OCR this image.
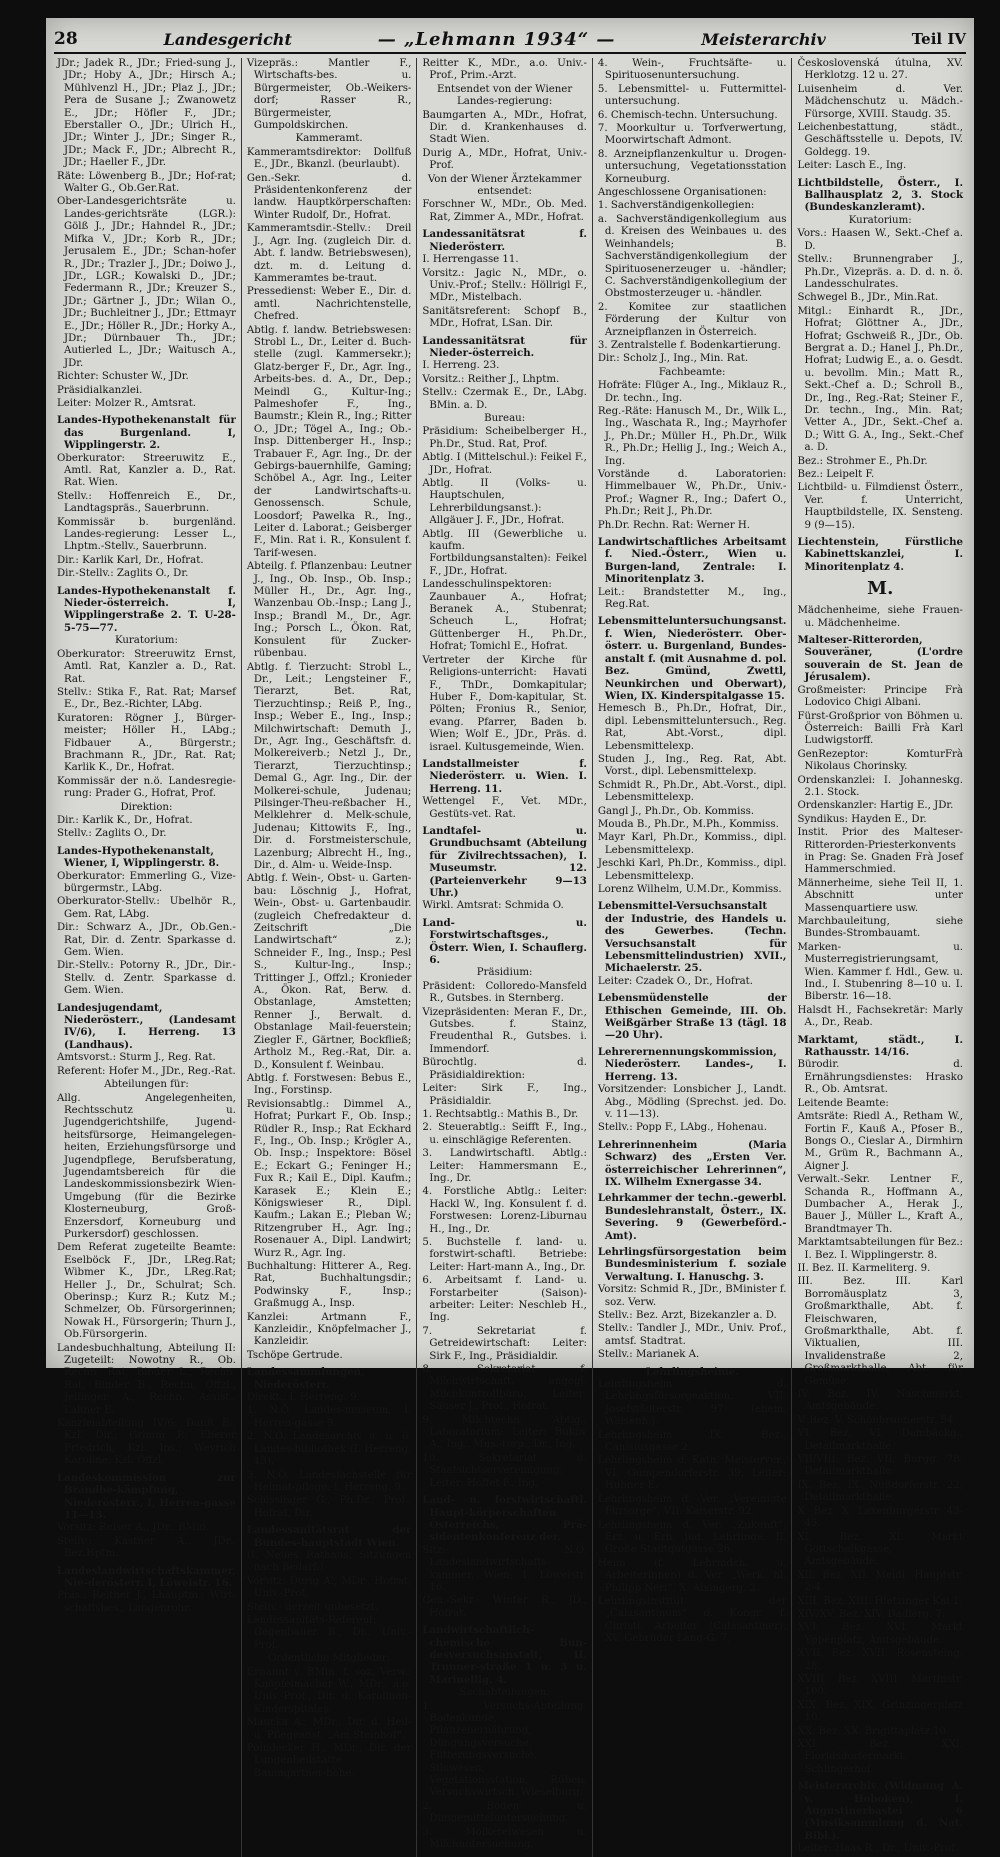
28	Landesgericht	— „Lehmann 1934“ —	Meisterarchiv	Teil IV

JDr.; Jadek R., JDr.; Fried-sung J., JDr.; Hoby A., JDr.; Hirsch A.; Mühlvenzl H., JDr.; Plaz J., JDr.; Pera de Susane J.; Zwanowetz E., JDr.; Höfler F., JDr.; Eberstaller O., JDr.; Ulrich H., JDr.; Winter J., JDr.; Singer R., JDr.; Mack F., JDr.; Albrecht R., JDr.; Haeller F., JDr.

Räte: Löwenberg B., JDr.; Hof-rat; Walter G., Ob.Ger.Rat.

Ober-Landesgerichtsräte u. Landes-gerichtsräte (LGR.): Gölß J., JDr.; Hahndel R., JDr.; Mifka V., JDr.; Korb R., JDr.; Jerusalem E., JDr.; Schan-hofer R., JDr.; Trazler J., JDr.; Doiwo J., JDr., LGR.; Kowalski D., JDr.; Federmann R., JDr.; Kreuzer S., JDr.; Gärtner J., JDr.; Wilan O., JDr.; Buchleitner J., JDr.; Ettmayr E., JDr.; Höller R., JDr.; Horky A., JDr.; Dürnbauer Th., JDr.; Autierled L., JDr.; Waitusch A., JDr.

Richter: Schuster W., JDr.

Präsidialkanzlei.

Leiter: Molzer R., Amtsrat.

Landes-Hypothekenanstalt für das Burgenland. I, Wipplingerstr. 2.

Oberkurator: Streeruwitz E., Amtl. Rat, Kanzler a. D., Rat. Rat. Wien.

Stellv.: Hoffenreich E., Dr., Landtagspräs., Sauerbrunn.

Kommissär b. burgenländ. Landes-regierung: Lesser L., Lhptm.-Stellv., Sauerbrunn.

Dir.: Karlik Karl, Dr., Hofrat.

Dir.-Stellv.: Zaglits O., Dr.

Landes-Hypothekenanstalt f. Nieder-österreich. I, Wipplingerstraße 2. T. U-28-5-75—77.

Kuratorium:

Oberkurator: Streeruwitz Ernst, Amtl. Rat, Kanzler a. D., Rat. Rat.

Stellv.: Stika F., Rat. Rat; Marsef E., Dr., Bez.-Richter, LAbg.

Kuratoren: Rögner J., Bürger-meister; Höller H., LAbg.; Fidbauer A., Bürgerstr.; Brachmann R., JDr., Rat. Rat; Karlik K., Dr., Hofrat.

Kommissär der n.ö. Landesregie-rung: Prader G., Hofrat, Prof.

Direktion:

Dir.: Karlik K., Dr., Hofrat.

Stellv.: Zaglits O., Dr.

Landes-Hypothekenanstalt, Wiener, I, Wipplingerstr. 8.

Oberkurator: Emmerling G., Vize-bürgermstr., LAbg.

Oberkurator-Stellv.: Ubelhör R., Gem. Rat, LAbg.

Dir.: Schwarz A., JDr., Ob.Gen.-Rat, Dir. d. Zentr. Sparkasse d. Gem. Wien.

Dir.-Stellv.: Potorny R., JDr., Dir.-Stellv. d. Zentr. Sparkasse d. Gem. Wien.

Landesjugendamt, Niederösterr., (Landesamt IV/6), I. Herreng. 13 (Landhaus).

Amtsvorst.: Sturm J., Reg. Rat.

Referent: Hofer M., JDr., Reg.-Rat.

Abteilungen für:

Allg. Angelegenheiten, Rechtsschutz u. Jugendgerichtshilfe, Jugend-heitsfürsorge, Heimangelegen-heiten, Erziehungsfürsorge und Jugendpflege, Berufsberatung, Jugendamtsbereich für die Landeskommissionsbezirk Wien-Umgebung (für die Bezirke Klosterneuburg, Groß-Enzersdorf, Korneuburg und Purkersdorf) geschlossen.

Dem Referat zugeteilte Beamte: Eselböck F., JDr., LReg.Rat; Wibmer K., JDr., LReg.Rat; Heller J., Dr., Schulrat; Sch. Oberinsp.; Kurz R.; Kutz M.; Schmelzer, Ob. Fürsorgerinnen; Nowak H., Fürsorgerin; Thurn J., Ob.Fürsorgerin.

Landesbuchhaltung, Abteilung II: Zugeteilt: Nowotny R., Ob. Rechn. Rat, Binder L., Rechn. Rat, Binder B., Rechn. Offzl., Jellinger A., Rechn. Assist., Lahner E.

Kanzleiabteilung IV/6: Dauß E., Kzl. Dir.; Grimm P., Eberer Friedrich, Kzl. Ins.; Weyrich Karoline, Kzl. Offzl.

Landeskommission zur Brandbe-kämpfung, Niederösterr., I, Herren-gasse 11—13.

Vorsitz: Reiser A., JDr., BMin.

Stellv.: Kastner A., JDr., Bez.Hptm.

Landeslandwirtschaftskammer, Nie-derösterr. I, Löwelstr. 16.

Präs.: Reither J., Lhauptm., Wirt-schaftsbes., Langenrohr.

Vizepräs.: Mantler F., Wirtschafts-bes. u. Bürgermeister, Ob.-Weikers-dorf; Rasser R., Bürgermeister, Gumpoldskirchen.

Kammeramt.

Kammeramtsdirektor: Dollfuß E., JDr., Bkanzl. (beurlaubt).

Gen.-Sekr. d. Präsidentenkonferenz der landw. Hauptkörperschaften: Winter Rudolf, Dr., Hofrat.

Kammeramtsdir.-Stellv.: Dreil J., Agr. Ing. (zugleich Dir. d. Abt. f. landw. Betriebswesen), dzt. m. d. Leitung d. Kammeramtes be-traut.

Pressedienst: Weber E., Dir. d. amtl. Nachrichtenstelle, Chefred.

Abtlg. f. landw. Betriebswesen: Strobl L., Dr., Leiter d. Buch-stelle (zugl. Kammersekr.); Glatz-berger F., Dr., Agr. Ing., Arbeits-bes. d. A., Dr., Dep.; Meindl G., Kultur-Ing.; Palmeshofer F., Ing., Baumstr.; Klein R., Ing.; Ritter O., JDr.; Tögel A., Ing.; Ob.-Insp. Dittenberger H., Insp.; Trabauer F., Agr. Ing., Dr. der Gebirgs-bauernhilfe, Gaming; Schöbel A., Agr. Ing., Leiter der Landwirtschafts-u. Genossensch. Schule, Loosdorf; Pawelka R., Ing., Leiter d. Laborat.; Geisberger F., Min. Rat i. R., Konsulent f. Tarif-wesen.

Abteilg. f. Pflanzenbau: Leutner J., Ing., Ob. Insp., Ob. Insp.; Müller H., Dr., Agr. Ing., Wanzenbau Ob.-Insp.; Lang J., Insp.; Brandl M., Dr., Agr. Ing.; Porsch L., Ökon. Rat, Konsulent für Zucker-rübenbau.

Abtlg. f. Tierzucht: Strobl L., Dr., Leit.; Lengsteiner F., Tierarzt, Bet. Rat, Tierzuchtinsp.; Reiß P., Ing., Insp.; Weber E., Ing., Insp.; Milchwirtschaft: Demuth J., Dr., Agr. Ing., Geschäftsfr. d. Molkereiverb.; Netzl J., Dr., Tierarzt, Tierzuchtinsp.; Demal G., Agr. Ing., Dir. der Molkerei-schule, Judenau; Pilsinger-Theu-reßbacher H., Melklehrer d. Melk-schule, Judenau; Kittowits F., Ing., Dir. d. Forstmeisterschule, Lazenburg; Albrecht H., Ing., Dir., d. Alm- u. Weide-Insp.

Abtlg. f. Wein-, Obst- u. Garten-bau: Löschnig J., Hofrat, Wein-, Obst- u. Gartenbaudir. (zugleich Chefredakteur d. Zeitschrift „Die Landwirtschaft“ z.); Schneider F., Ing., Insp.; Pesl S., Kultur-Ing., Insp.; Trittinger J., Offzl.; Kronieder A., Ökon. Rat, Berw. d. Obstanlage, Amstetten; Renner J., Berwalt. d. Obstanlage Mail-feuerstein; Ziegler F., Gärtner, Bockfließ; Artholz M., Reg.-Rat, Dir. a. D., Konsulent f. Weinbau.

Abtlg. f. Forstwesen: Bebus E., Ing., Forstinsp.

Revisionsabtlg.: Dimmel A., Hofrat; Purkart F., Ob. Insp.; Rüdler R., Insp.; Rat Eckhard F., Ing., Ob. Insp.; Krögler A., Ob. Insp.; Inspektore: Bösel E.; Eckart G.; Feninger H.; Fux R.; Kail E., Dipl. Kaufm.; Karasek E.; Klein E.; Königswieser R., Dipl. Kaufm.; Lakan E.; Pleban W.; Ritzengruber H., Agr. Ing.; Rosenauer A., Dipl. Landwirt; Wurz R., Agr. Ing.

Buchhaltung: Hitterer A., Reg. Rat, Buchhaltungsdir.; Podwinsky F., Insp.; Graßmugg A., Insp.

Kanzlei: Artmann F., Kanzleidir., Knöpfelmacher J., Kanzleidir.

Tschöpe Gertrude.

Landessammlungen, Niederösterr.

Direkt.: I. Herreng. 9.

1. N.Ö. Landes-museum, I. Herren-gasse 9.

2. N.Ö. Landesarchiv u. n. ö. Landes-bibliothek (I. Herreng. 13).

3. N.Ö. Landesfachstelle für Heimat-pflege, I. Herreng. 9.

Schissinger G., Ph.Dr., Prof., Hofrat, Dir.

Landessanitätsrat der Bundes-hauptstadt Wien.

(I. Neues Rathaus, Sitzungen nach Bedarf.)

Vorsitz: Durig A., MDr., Hofrat, Univ.-Prof.

Stellv.: derzeit unbesetzt.

Landessanitäts-Referent: Gegenbauer B., Dr., Univ.-Prof.

Ordentliche Mitglieder:

Ernannt v. BMin. f. soz. Verw.: Knöpfelmacher W., MDr., a.o. Univ.-Prof., Dir. d. Karolinen-Kinderspitales.

Maucka A., MDr., Dir. d. Heil- u. Pflegeanst. „Am Steinhof“.

Poindecker H., MDr., Dir. der Lungenheilstätte Baumgartner-höhe.

Reitter K., MDr., a.o. Univ.-Prof., Prim.-Arzt.

Entsendet von der Wiener Landes-regierung:

Baumgarten A., MDr., Hofrat, Dir. d. Krankenhauses d. Stadt Wien.

Durig A., MDr., Hofrat, Univ.-Prof.

Von der Wiener Ärztekammer entsendet:

Forschner W., MDr., Ob. Med. Rat, Zimmer A., MDr., Hofrat.

Landessanitätsrat f. Niederösterr.

I. Herrengasse 11.

Vorsitz.: Jagic N., MDr., o. Univ.-Prof.; Stellv.: Höllrigl F., MDr., Mistelbach.

Sanitätsreferent: Schopf B., MDr., Hofrat, LSan. Dir.

Landessanitätsrat für Nieder-österreich.

I. Herreng. 23.

Vorsitz.: Reither J., Lhptm.

Stellv.: Czermak E., Dr., LAbg. BMin. a. D.

Bureau:

Präsidium: Scheibelberger H., Ph.Dr., Stud. Rat, Prof.

Abtlg. I (Mittelschul.): Feikel F., JDr., Hofrat.

Abtlg. II (Volks- u. Hauptschulen, Lehrerbildungsanst.): Allgäuer J. F., JDr., Hofrat.

Abtlg. III (Gewerbliche u. kaufm. Fortbildungsanstalten): Feikel F., JDr., Hofrat.

Landesschulinspektoren: Zaunbauer A., Hofrat; Beranek A., Stubenrat; Scheuch L., Hofrat; Güttenberger H., Ph.Dr., Hofrat; Tomichl E., Hofrat.

Vertreter der Kirche für Religions-unterricht: Havati F., ThDr., Domkapitular; Huber F., Dom-kapitular, St. Pölten; Fronius R., Senior, evang. Pfarrer, Baden b. Wien; Wolf E., JDr., Präs. d. israel. Kultusgemeinde, Wien.

Landstallmeister f. Niederösterr. u. Wien. I. Herreng. 11.

Wettengel F., Vet. MDr., Gestüts-vet. Rat.

Landtafel- u. Grundbuchsamt (Abteilung für Zivilrechtssachen), I. Museumstr. 12. (Parteienverkehr 9—13 Uhr.)

Wirkl. Amtsrat: Schmida O.

Land- u. Forstwirtschaftsges., Österr. Wien, I. Schauflerg. 6.

Präsidium:

Präsident: Colloredo-Mansfeld R., Gutsbes. in Sternberg.

Vizepräsidenten: Meran F., Dr., Gutsbes. f. Stainz, Freudenthal R., Gutsbes. i. Immendorf.

Bürochtlg. d. Präsidialdirektion:

Leiter: Sirk F., Ing., Präsidialdir.

1. Rechtsabtlg.: Mathis B., Dr.

2. Steuerabtlg.: Seifft F., Ing., u. einschlägige Referenten.

3. Landwirtschaftl. Abtlg.: Leiter: Hammersmann E., Ing., Dr.

4. Forstliche Abtlg.: Leiter: Hackl W., Ing. Konsulent f. d. Forstwesen: Lorenz-Liburnau H., Ing., Dr.

5. Buchstelle f. land- u. forstwirt-schaftl. Betriebe: Leiter: Hart-mann A., Ing., Dr.

6. Arbeitsamt f. Land- u. Forstarbeiter (Saison)-arbeiter: Leiter: Neschleb H., Ing.

7. Sekretariat f. Getreidewirtschaft: Leiter: Sirk F., Ing., Präsidialdir.

8. Sekretariat f. Milchwirtschaft, angegl. Milchkontrollbüro. Leiter: Säuser J., Prof., Hofrat.

9. Milchtechn. Abtlg., Laboratorium: Leiter: Bukov A., Ing., Mus.-torp., Dr., Ing.

10. Sekretariat d. Staatsichtservereinigung: Leiter: Hoffet F., Ing.

Land- u. forstwirtschaftl. Haupt-körperschaften Österreichs, Prä-sidentenkonferenz der.

Sitz: N.Ö. Landeslandwirtschafts-kammer, Wien, I. Löwelstr. 16.

Gen.-Sekr.: Winter R., JD., Hofrat.

Landwirtschaftlich-chemische Bun-desversuchsanstalt, II. Trunner-straße 1 u. 3 u. Marinellig. 4.

Sachabteilungen:

1. Versuchs-Abteilung: Bodenkunde, Pflanzenernährung, Düngungsversuche, Fütterungsversuche, Silowesen, Vegetationsstation, Rüben, Versuchswirtsch. Wieselburg.

2. Boden- u. Düngemitteluntersuchung.

3. Molkereiwesen u. Milchuntersuchung.

4. Wein-, Fruchtsäfte- u. Spirituosenuntersuchung.

5. Lebensmittel- u. Futtermittel-untersuchung.

6. Chemisch-techn. Untersuchung.

7. Moorkultur u. Torfverwertung, Moorwirtschaft Admont.

8. Arzneipflanzenkultur u. Drogen-untersuchung, Vegetationsstation Korneuburg.

Angeschlossene Organisationen:

1. Sachverständigenkollegien:

a. Sachverständigenkollegium aus d. Kreisen des Weinbaues u. des Weinhandels; B. Sachverständigenkollegium der Spirituosenerzeuger u. -händler; C. Sachverständigenkollegium der Obstmosterzeuger u. -händler.

2. Komitee zur staatlichen Förderung der Kultur von Arzneipflanzen in Österreich.

3. Zentralstelle f. Bodenkartierung.

Dir.: Scholz J., Ing., Min. Rat.

Fachbeamte:

Hofräte: Flüger A., Ing., Miklauz R., Dr. techn., Ing.

Reg.-Räte: Hanusch M., Dr., Wilk L., Ing., Waschata R., Ing.; Mayrhofer J., Ph.Dr.; Müller H., Ph.Dr., Wilk R., Ph.Dr.; Hellig J., Ing.; Weich A., Ing.

Vorstände d. Laboratorien: Himmelbauer W., Ph.Dr., Univ.-Prof.; Wagner R., Ing.; Dafert O., Ph.Dr.; Reit J., Ph.Dr.

Ph.Dr. Rechn. Rat: Werner H.

Landwirtschaftliches Arbeitsamt f. Nied.-Österr., Wien u. Burgen-land, Zentrale: I. Minoritenplatz 3.

Leit.: Brandstetter M., Ing., Reg.Rat.

Lebensmitteluntersuchungsanst. f. Wien, Niederösterr. Ober-österr. u. Burgenland, Bundes-anstalt f. (mit Ausnahme d. pol. Bez. Gmünd, Zwettl, Neunkirchen und Oberwart), Wien, IX. Kinderspitalgasse 15.

Hemesch B., Ph.Dr., Hofrat, Dir., dipl. Lebensmitteluntersuch., Reg. Rat, Abt.-Vorst., dipl. Lebensmittelexp.

Studen J., Ing., Reg. Rat, Abt. Vorst., dipl. Lebensmittelexp.

Schmidt R., Ph.Dr., Abt.-Vorst., dipl. Lebensmittelexp.

Gangl J., Ph.Dr., Ob. Kommiss.

Mouda B., Ph.Dr., M.Ph., Kommiss.

Mayr Karl, Ph.Dr., Kommiss., dipl. Lebensmittelexp.

Jeschki Karl, Ph.Dr., Kommiss., dipl. Lebensmittelexp.

Lorenz Wilhelm, U.M.Dr., Kommiss.

Lebensmittel-Versuchsanstalt der Industrie, des Handels u. des Gewerbes. (Techn. Versuchsanstalt für Lebensmittelindustrien) XVII., Michaelerstr. 25.

Leiter: Czadek O., Dr., Hofrat.

Lebensmüdenstelle der Ethischen Gemeinde, III. Ob. Weißgärber Straße 13 (tägl. 18—20 Uhr).

Lehrerernennungskommission, Niederösterr. Landes-, I. Herreng. 13.

Vorsitzender: Lonsbicher J., Landt. Abg., Mödling (Sprechst. jed. Do. v. 11—13).

Stellv.: Popp F., LAbg., Hohenau.

Lehrerinnenheim (Maria Schwarz) des „Ersten Ver. österreichischer Lehrerinnen“, IX. Wilhelm Exnergasse 34.

Lehrkammer der techn.-gewerbl. Bundeslehranstalt, Österr., IX. Severing. 9 (Gewerbeförd.-Amt).

Lehrlingsfürsorgestation beim Bundesministerium f. soziale Verwaltung. I. Hanuschg. 3.

Vorsitz: Schmid R., JDr., BMinister f. soz. Verw.

Stellv.: Bez. Arzt, Bizekanzler a. D.

Stellv.: Tandler J., MDr., Univ. Prof., amtsf. Stadtrat.

Stellv.: Marianek A.

Lehrlingsheime.

Lehrlingsheim d. Lehrlingsfürsorgeaktion, VII. Josefstädterstr. 97 (ehem. Waisenh.).

Lehrlingsheim IX. Bez., Canisiusgasse 2.

Lehrlingsheim d. Kath. Meisterver., VI. Gumpendorferstr. 39, Leiter: Hubner E.

Lehrlingsheim d. Ver. „Vereinigte Fürsorge“, VII. Kaiserstr. 92.

Lehrlingsheim d. Ver. „Zukunft“, Erz. u. Erh. jüd. Lehrlinge, II. Große Stadtgutgasse 26.

Heim (f. Lehrmdch. u. Arbeiterinnen) d. Ver. „Werk. hl. Philipp Neri“, X. Alxingerg. 2.

Lehrlingsinstitut der „Calasantinum“ d. Kongr. f. Christl. Arbeiter (Calasantiner), XV. Gebrüder Lang-G. 7.

Československá útulna, XV. Herklotzg. 12 u. 27.

Luisenheim d. Ver. Mädchenschutz u. Mädch.-Fürsorge, XVIII. Staudg. 35.

Leichenbestattung, städt., Geschäftsstelle u. Depots, IV. Goldegg. 19.

Leiter: Lasch E., Ing.

Lichtbildstelle, Österr., I. Ballhausplatz 2, 3. Stock (Bundeskanzleramt).

Kuratorium:

Vors.: Haasen W., Sekt.-Chef a. D.

Stellv.: Brunnengraber J., Ph.Dr., Vizepräs. a. D. d. n. ö. Landesschulrates.

Schwegel B., JDr., Min.Rat.

Mitgl.: Einhardt R., JDr., Hofrat; Glöttner A., JDr., Hofrat; Gschweiß R., JDr., Ob. Bergrat a. D.; Hanel J., Ph.Dr., Hofrat; Ludwig E., a. o. Gesdt. u. bevollm. Min.; Matt R., Sekt.-Chef a. D.; Schroll B., Dr., Ing., Reg.-Rat; Steiner F., Dr. techn., Ing., Min. Rat; Vetter A., JDr., Sekt.-Chef a. D.; Witt G. A., Ing., Sekt.-Chef a. D.

Bez.: Strohmer E., Ph.Dr.

Bez.: Leipelt F.

Lichtbild- u. Filmdienst Österr., Ver. f. Unterricht, Hauptbildstelle, IX. Sensteng. 9 (9—15).

Liechtenstein, Fürstliche Kabinettskanzlei, I. Minoritenplatz 4.

M.

Mädchenheime, siehe Frauen- u. Mädchenheime.

Malteser-Ritterorden, Souveräner, (L'ordre souverain de St. Jean de Jérusalem).

Großmeister: Principe Frà Lodovico Chigi Albani.

Fürst-Großprior von Böhmen u. Österreich: Bailli Frà Karl Ludwigstorff.

GenRezeptor: KomturFrà Nikolaus Chorinsky.

Ordenskanzlei: I. Johanneskg. 2.1. Stock.

Ordenskanzler: Hartig E., JDr.

Syndikus: Hayden E., Dr.

Instit. Prior des Malteser-Ritterorden-Priesterkonvents in Prag: Se. Gnaden Frà Josef Hammerschmied.

Männerheime, siehe Teil II, 1. Abschnitt unter Massenquartiere usw.

Marchbauleitung, siehe Bundes-Strombauamt.

Marken- u. Musterregistrierungsamt, Wien. Kammer f. Hdl., Gew. u. Ind., I. Stubenring 8—10 u. I. Biberstr. 16—18.

Halsdt H., Fachsekretär: Marly A., Dr., Reab.

Marktamt, städt., I. Rathausstr. 14/16.

Bürodir. d. Ernährungsdienstes: Hrasko R., Ob. Amtsrat.

Leitende Beamte:

Amtsräte: Riedl A., Retham W., Fortin F., Kauß A., Pfoser B., Bongs O., Cieslar A., Dirmhirn M., Grüm R., Bachmann A., Aigner J.

Verwalt.-Sekr. Lentner F., Schanda R., Hoffmann A., Dumbacher A., Herak J., Bauer J., Müller L., Kraft A., Brandtmayer Th.

Marktamtsabteilungen für Bez.: I. Bez. I. Wipplingerstr. 8.

II. Bez. II. Karmeliterg. 9.

III. Bez. III. Karl Borromäusplatz 3, Großmarkthalle, Abt. f. Fleischwaren, Großmarkthalle, Abt. f. Viktualien, III. Invalidenstraße 2, Großmarkthalle, Abt. für Gemüse.

IV. Bez. IV. Naschmarkt, Amtsgebäude.

V. Bez. V. Schönbrunnerstr. 54.

VI. Bez. VI. Dambäckg., Detailmarkthalle.

VII/VIII. Bez. VII. Burgg. 78, Detailmarkthalle.

IX. Bez. IX. Nußdorferstr. 22, Detailmarkthalle.

X. Bez. X. Laxenburgerstr. 43-45.

XI. Bez. XI. Markt Gottschalkgasse, Amtsgebäude.

XII. Bez. XII. Meidl. Hauptstr. 2-4.

XIII. Bez. XIII. Hietzinger Kai 1.

XIV/XV. Bez. XIV. Dadlerg. 7.

XVI. Bez. XVI. Markt Yppenplatz, Amtsgebäude.

XVII. Bez. XVII. Rosensteing. 28.

XVIII. Bez. XVIII. Martinstr. 100.

XIX. Bez. XIX. Grinzingerplatz 10.

XX. Bez. XX. Brigittaplatz 10.

XXI. Bez. XXI. Floridsdorfermarkt, Schlingerhof.

Meisterarchiv (Widmung A. v. Hoboken), I. Augustinerbastei 6 (Musiksammlung d. Nat. Bibl.).

Leiter: Haas R., Dr., Univ.-Prof.
